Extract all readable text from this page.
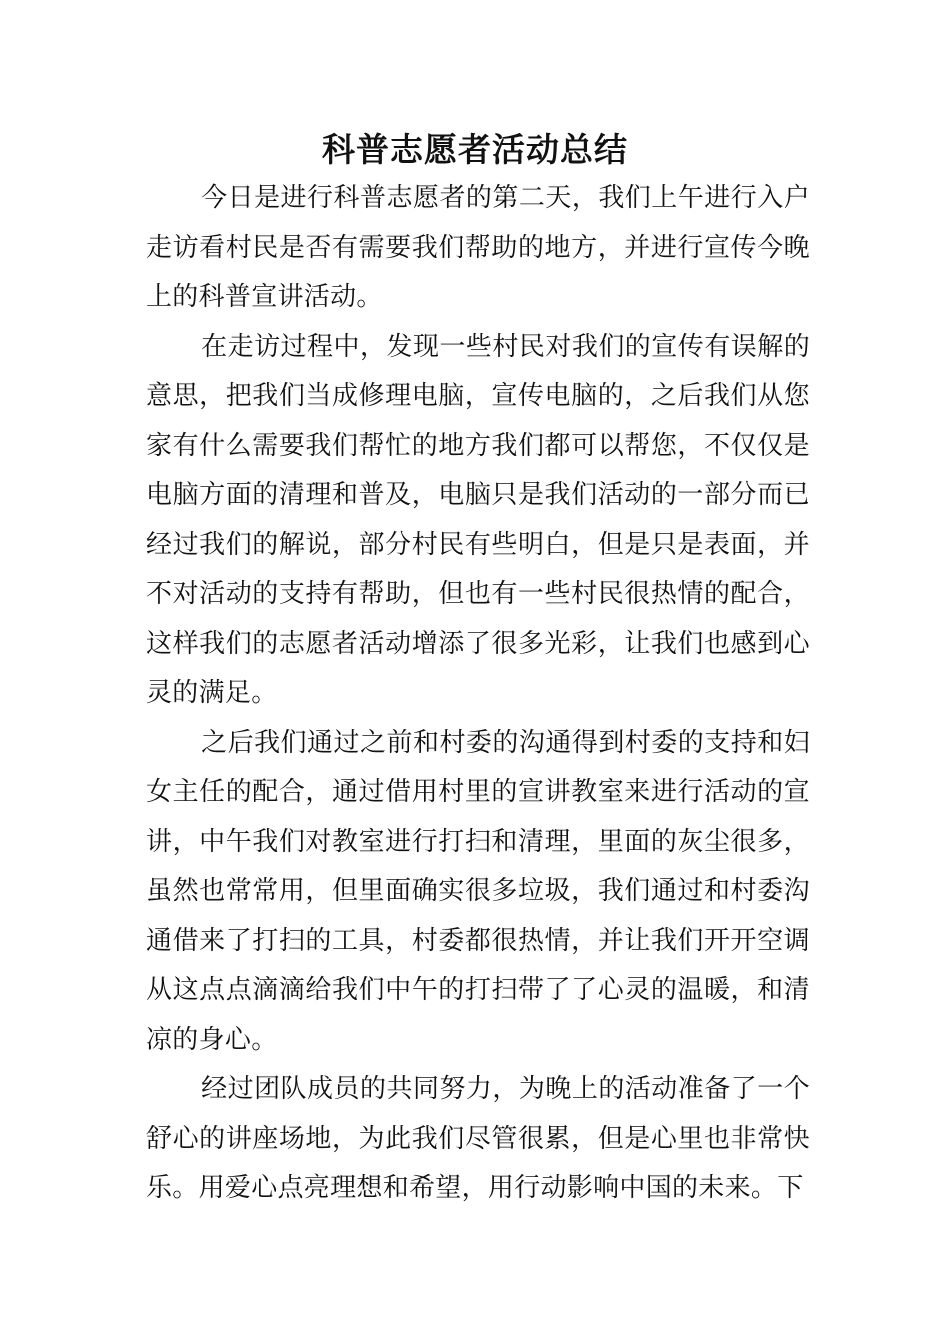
科普志愿者活动总结

今日是进行科普志愿者的第二天，我们上午进行入户走访看村民是否有需要我们帮助的地方，并进行宣传今晚上的科普宣讲活动。

在走访过程中，发现一些村民对我们的宣传有误解的意思，把我们当成修理电脑，宣传电脑的，之后我们从您家有什么需要我们帮忙的地方我们都可以帮您，不仅仅是电脑方面的清理和普及，电脑只是我们活动的一部分而已经过我们的解说，部分村民有些明白，但是只是表面，并不对活动的支持有帮助，但也有一些村民很热情的配合，这样我们的志愿者活动增添了很多光彩，让我们也感到心灵的满足。

之后我们通过之前和村委的沟通得到村委的支持和妇女主任的配合，通过借用村里的宣讲教室来进行活动的宣讲，中午我们对教室进行打扫和清理，里面的灰尘很多，虽然也常常用，但里面确实很多垃圾，我们通过和村委沟通借来了打扫的工具，村委都很热情，并让我们开开空调从这点点滴滴给我们中午的打扫带了了心灵的温暖，和清凉的身心。

经过团队成员的共同努力，为晚上的活动准备了一个舒心的讲座场地，为此我们尽管很累，但是心里也非常快乐。用爱心点亮理想和希望，用行动影响中国的未来。下
